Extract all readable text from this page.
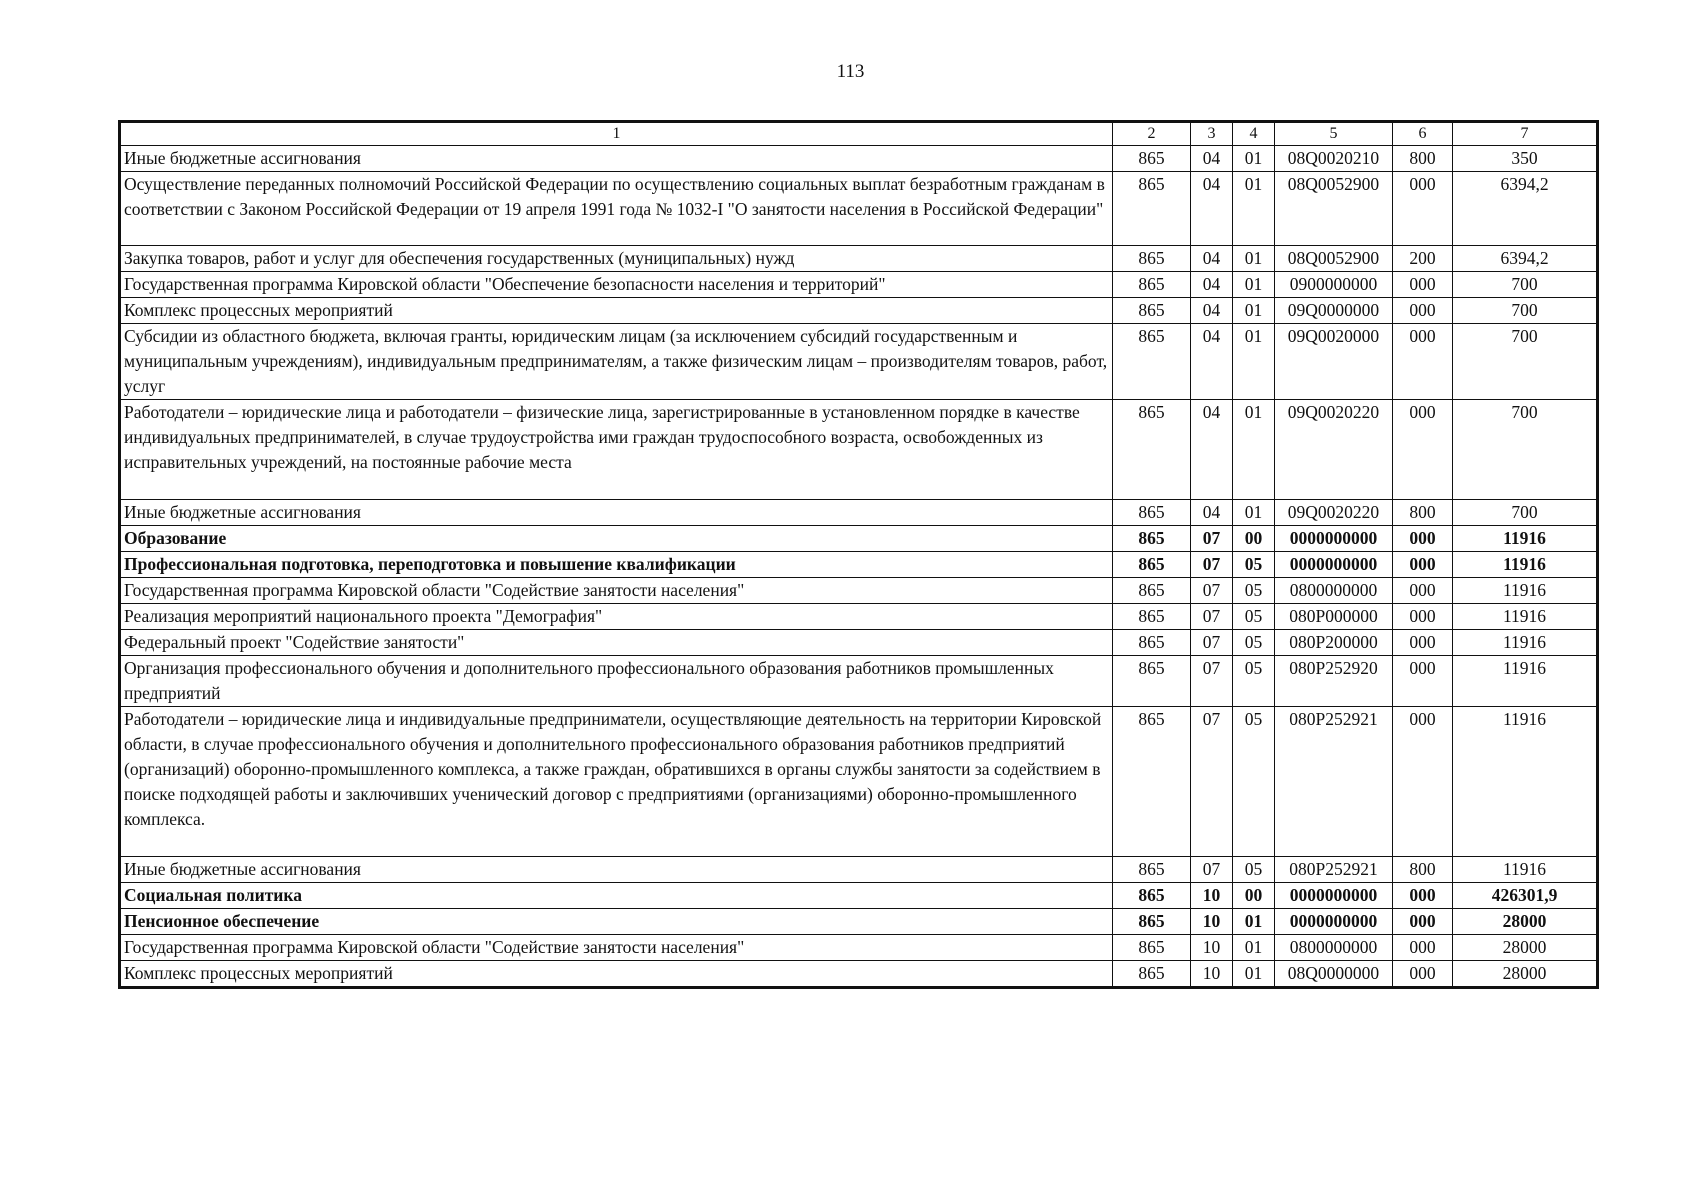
113
1	2	3	4	5	6	7
Иные бюджетные ассигнования	865	04	01	08Q0020210	800	350
Осуществление переданных полномочий Российской Федерации по осуществлению социальных выплат безработным гражданам в соответствии с Законом Российской Федерации от 19 апреля 1991 года № 1032-I "О занятости населения в Российской Федерации"	865	04	01	08Q0052900	000	6394,2
Закупка товаров, работ и услуг для обеспечения государственных (муниципальных) нужд	865	04	01	08Q0052900	200	6394,2
Государственная программа Кировской области "Обеспечение безопасности населения и территорий"	865	04	01	0900000000	000	700
Комплекс процессных мероприятий	865	04	01	09Q0000000	000	700
Субсидии из областного бюджета, включая гранты, юридическим лицам (за исключением субсидий государственным и муниципальным учреждениям), индивидуальным предпринимателям, а также физическим лицам – производителям товаров, работ, услуг	865	04	01	09Q0020000	000	700
Работодатели – юридические лица и работодатели – физические лица, зарегистрированные в установленном порядке в качестве индивидуальных предпринимателей, в случае трудоустройства ими граждан трудоспособного возраста, освобожденных из исправительных учреждений, на постоянные рабочие места	865	04	01	09Q0020220	000	700
Иные бюджетные ассигнования	865	04	01	09Q0020220	800	700
Образование	865	07	00	0000000000	000	11916
Профессиональная подготовка, переподготовка и повышение квалификации	865	07	05	0000000000	000	11916
Государственная программа Кировской области "Содействие занятости населения"	865	07	05	0800000000	000	11916
Реализация мероприятий национального проекта "Демография"	865	07	05	080P000000	000	11916
Федеральный проект "Содействие занятости"	865	07	05	080P200000	000	11916
Организация профессионального обучения и дополнительного профессионального образования работников промышленных предприятий	865	07	05	080P252920	000	11916
Работодатели – юридические лица и индивидуальные предприниматели, осуществляющие деятельность на территории Кировской области, в случае профессионального обучения и дополнительного профессионального образования работников предприятий (организаций) оборонно-промышленного комплекса, а также граждан, обратившихся в органы службы занятости за содействием в поиске подходящей работы и заключивших ученический договор с предприятиями (организациями) оборонно-промышленного комплекса.	865	07	05	080P252921	000	11916
Иные бюджетные ассигнования	865	07	05	080P252921	800	11916
Социальная политика	865	10	00	0000000000	000	426301,9
Пенсионное обеспечение	865	10	01	0000000000	000	28000
Государственная программа Кировской области "Содействие занятости населения"	865	10	01	0800000000	000	28000
Комплекс процессных мероприятий	865	10	01	08Q0000000	000	28000
